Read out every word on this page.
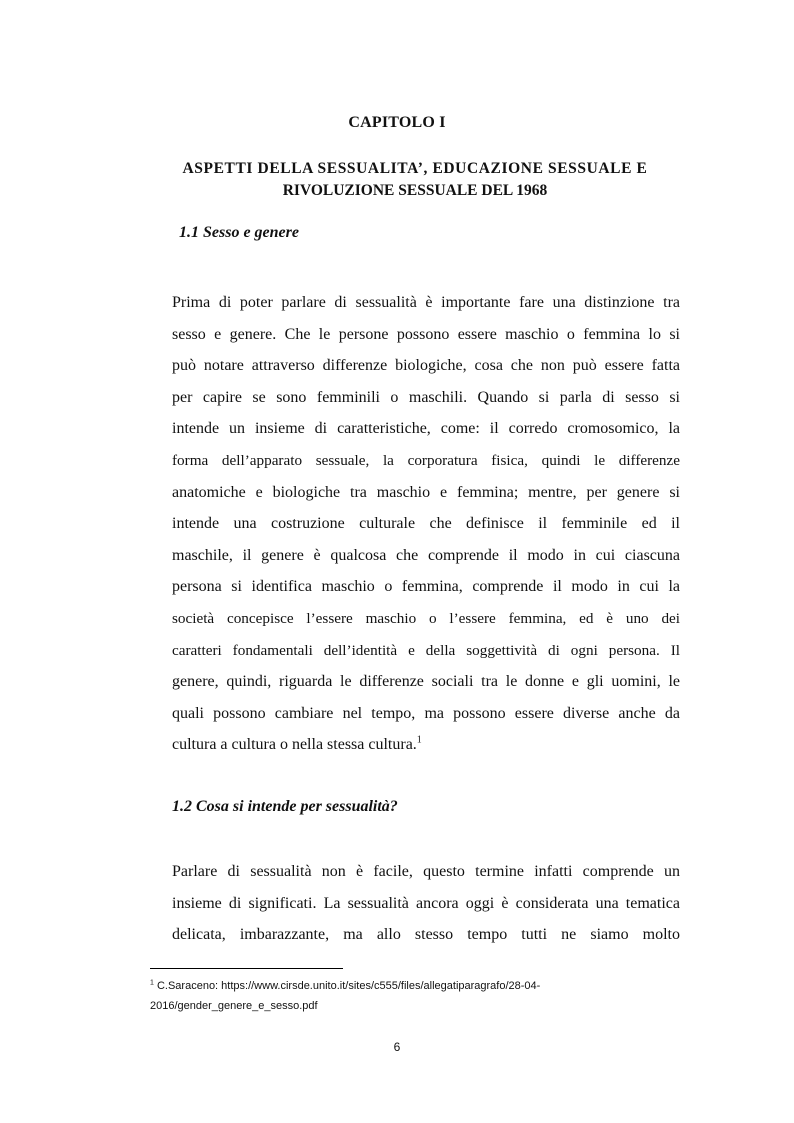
CAPITOLO I
ASPETTI DELLA SESSUALITA’, EDUCAZIONE SESSUALE E
RIVOLUZIONE SESSUALE DEL 1968
1.1 Sesso e genere
Prima di poter parlare di sessualità è importante fare una distinzione tra
sesso e genere. Che le persone possono essere maschio o femmina lo si
può notare attraverso differenze biologiche, cosa che non può essere fatta
per capire se sono femminili o maschili. Quando si parla di sesso si
intende un insieme di caratteristiche, come: il corredo cromosomico, la
forma dell’apparato sessuale, la corporatura fisica, quindi le differenze
anatomiche e biologiche tra maschio e femmina; mentre, per genere si
intende una costruzione culturale che definisce il femminile ed il
maschile, il genere è qualcosa che comprende il modo in cui ciascuna
persona si identifica maschio o femmina, comprende il modo in cui la
società concepisce l’essere maschio o l’essere femmina, ed è uno dei
caratteri fondamentali dell’identità e della soggettività di ogni persona. Il
genere, quindi, riguarda le differenze sociali tra le donne e gli uomini, le
quali possono cambiare nel tempo, ma possono essere diverse anche da
cultura a cultura o nella stessa cultura.$^1$
1.2 Cosa si intende per sessualità?
Parlare di sessualità non è facile, questo termine infatti comprende un
insieme di significati. La sessualità ancora oggi è considerata una tematica
delicata, imbarazzante, ma allo stesso tempo tutti ne siamo molto
$^1$ C.Saraceno: https://www.cirsde.unito.it/sites/c555/files/allegatiparagrafo/28-04-
2016/gender_genere_e_sesso.pdf
6
